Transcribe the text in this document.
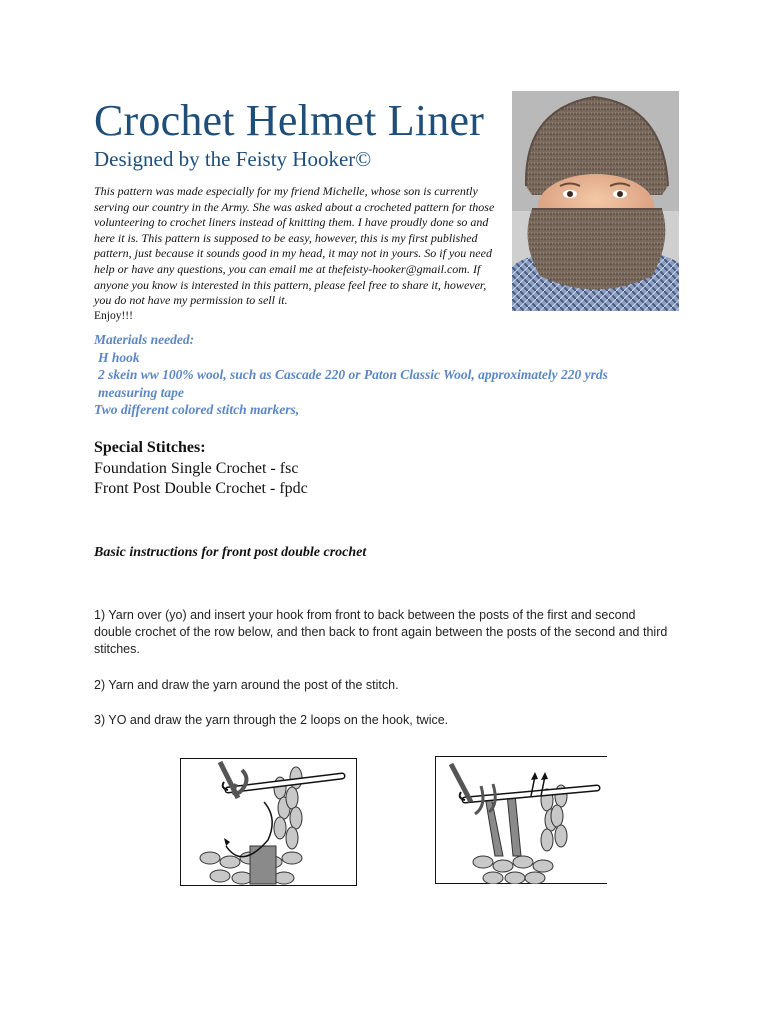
Crochet Helmet Liner
Designed by the Feisty Hooker©
This pattern was made especially for my friend Michelle, whose son is currently serving our country in the Army. She was asked about a crocheted pattern for those volunteering to crochet liners instead of knitting them. I have proudly done so and here it is. This pattern is supposed to be easy, however, this is my first published pattern, just because it sounds good in my head, it may not in yours. So if you need help or have any questions, you can email me at thefeisty-hooker@gmail.com. If anyone you know is interested in this pattern, please feel free to share it, however, you do not have my permission to sell it.
Enjoy!!!
Materials needed:
H hook
2 skein ww 100% wool, such as Cascade 220 or Paton Classic Wool, approximately 220 yrds
measuring tape
Two different colored stitch markers,
Special Stitches:
Foundation Single Crochet - fsc
Front Post Double Crochet - fpdc

Basic instructions for front post double crochet

1) Yarn over (yo) and insert your hook from front to back between the posts of the first and second double crochet of the row below, and then back to front again between the posts of the second and third stitches.
2) Yarn and draw the yarn around the post of the stitch.
3) YO and draw the yarn through the 2 loops on the hook, twice.
